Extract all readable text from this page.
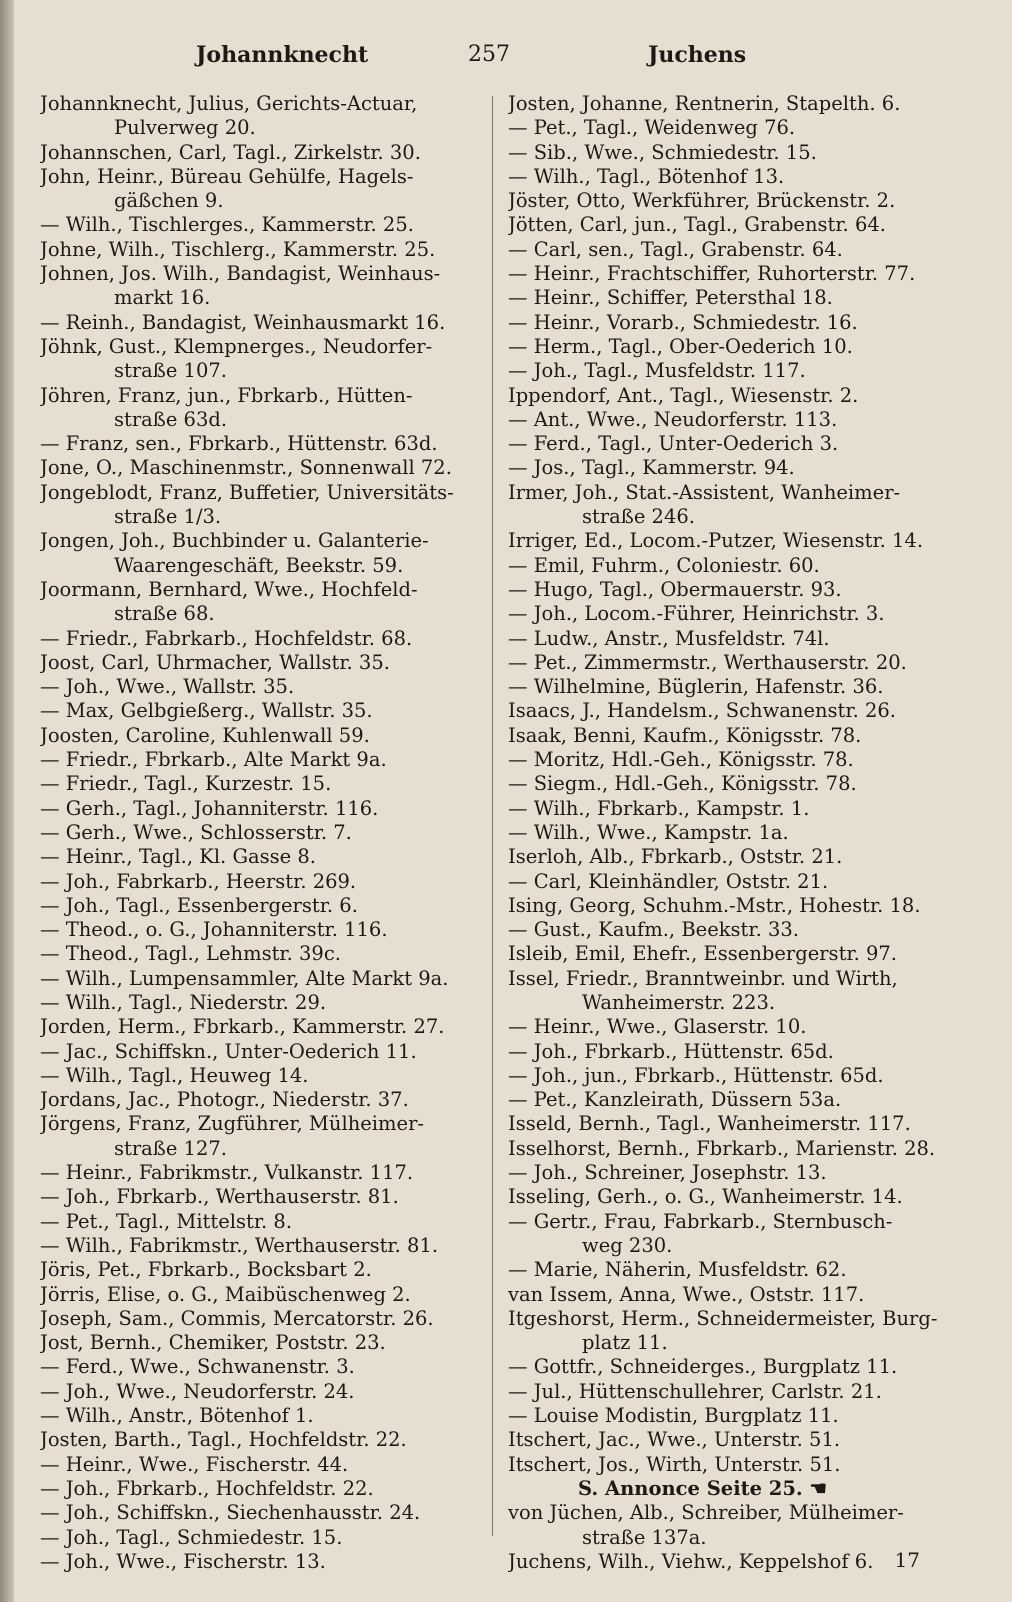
Johannknecht	257	Juchens
Johannknecht, Julius, Gerichts-Actuar,
Pulverweg 20.
Johannschen, Carl, Tagl., Zirkelstr. 30.
John, Heinr., Büreau Gehülfe, Hagels-
gäßchen 9.
— Wilh., Tischlerges., Kammerstr. 25.
Johne, Wilh., Tischlerg., Kammerstr. 25.
Johnen, Jos. Wilh., Bandagist, Weinhaus-
markt 16.
— Reinh., Bandagist, Weinhausmarkt 16.
Jöhnk, Gust., Klempnerges., Neudorfer-
straße 107.
Jöhren, Franz, jun., Fbrkarb., Hütten-
straße 63d.
— Franz, sen., Fbrkarb., Hüttenstr. 63d.
Jone, O., Maschinenmstr., Sonnenwall 72.
Jongeblodt, Franz, Buffetier, Universitäts-
straße 1/3.
Jongen, Joh., Buchbinder u. Galanterie-
Waarengeschäft, Beekstr. 59.
Joormann, Bernhard, Wwe., Hochfeld-
straße 68.
— Friedr., Fabrkarb., Hochfeldstr. 68.
Joost, Carl, Uhrmacher, Wallstr. 35.
— Joh., Wwe., Wallstr. 35.
— Max, Gelbgießerg., Wallstr. 35.
Joosten, Caroline, Kuhlenwall 59.
— Friedr., Fbrkarb., Alte Markt 9a.
— Friedr., Tagl., Kurzestr. 15.
— Gerh., Tagl., Johanniterstr. 116.
— Gerh., Wwe., Schlosserstr. 7.
— Heinr., Tagl., Kl. Gasse 8.
— Joh., Fabrkarb., Heerstr. 269.
— Joh., Tagl., Essenbergerstr. 6.
— Theod., o. G., Johanniterstr. 116.
— Theod., Tagl., Lehmstr. 39c.
— Wilh., Lumpensammler, Alte Markt 9a.
— Wilh., Tagl., Niederstr. 29.
Jorden, Herm., Fbrkarb., Kammerstr. 27.
— Jac., Schiffskn., Unter-Oederich 11.
— Wilh., Tagl., Heuweg 14.
Jordans, Jac., Photogr., Niederstr. 37.
Jörgens, Franz, Zugführer, Mülheimer-
straße 127.
— Heinr., Fabrikmstr., Vulkanstr. 117.
— Joh., Fbrkarb., Werthauserstr. 81.
— Pet., Tagl., Mittelstr. 8.
— Wilh., Fabrikmstr., Werthauserstr. 81.
Jöris, Pet., Fbrkarb., Bocksbart 2.
Jörris, Elise, o. G., Maibüschenweg 2.
Joseph, Sam., Commis, Mercatorstr. 26.
Jost, Bernh., Chemiker, Poststr. 23.
— Ferd., Wwe., Schwanenstr. 3.
— Joh., Wwe., Neudorferstr. 24.
— Wilh., Anstr., Bötenhof 1.
Josten, Barth., Tagl., Hochfeldstr. 22.
— Heinr., Wwe., Fischerstr. 44.
— Joh., Fbrkarb., Hochfeldstr. 22.
— Joh., Schiffskn., Siechenhausstr. 24.
— Joh., Tagl., Schmiedestr. 15.
— Joh., Wwe., Fischerstr. 13.
Josten, Johanne, Rentnerin, Stapelth. 6.
— Pet., Tagl., Weidenweg 76.
— Sib., Wwe., Schmiedestr. 15.
— Wilh., Tagl., Bötenhof 13.
Jöster, Otto, Werkführer, Brückenstr. 2.
Jötten, Carl, jun., Tagl., Grabenstr. 64.
— Carl, sen., Tagl., Grabenstr. 64.
— Heinr., Frachtschiffer, Ruhorterstr. 77.
— Heinr., Schiffer, Petersthal 18.
— Heinr., Vorarb., Schmiedestr. 16.
— Herm., Tagl., Ober-Oederich 10.
— Joh., Tagl., Musfeldstr. 117.
Ippendorf, Ant., Tagl., Wiesenstr. 2.
— Ant., Wwe., Neudorferstr. 113.
— Ferd., Tagl., Unter-Oederich 3.
— Jos., Tagl., Kammerstr. 94.
Irmer, Joh., Stat.-Assistent, Wanheimer-
straße 246.
Irriger, Ed., Locom.-Putzer, Wiesenstr. 14.
— Emil, Fuhrm., Coloniestr. 60.
— Hugo, Tagl., Obermauerstr. 93.
— Joh., Locom.-Führer, Heinrichstr. 3.
— Ludw., Anstr., Musfeldstr. 74l.
— Pet., Zimmermstr., Werthauserstr. 20.
— Wilhelmine, Büglerin, Hafenstr. 36.
Isaacs, J., Handelsm., Schwanenstr. 26.
Isaak, Benni, Kaufm., Königsstr. 78.
— Moritz, Hdl.-Geh., Königsstr. 78.
— Siegm., Hdl.-Geh., Königsstr. 78.
— Wilh., Fbrkarb., Kampstr. 1.
— Wilh., Wwe., Kampstr. 1a.
Iserloh, Alb., Fbrkarb., Oststr. 21.
— Carl, Kleinhändler, Oststr. 21.
Ising, Georg, Schuhm.-Mstr., Hohestr. 18.
— Gust., Kaufm., Beekstr. 33.
Isleib, Emil, Ehefr., Essenbergerstr. 97.
Issel, Friedr., Branntweinbr. und Wirth,
Wanheimerstr. 223.
— Heinr., Wwe., Glaserstr. 10.
— Joh., Fbrkarb., Hüttenstr. 65d.
— Joh., jun., Fbrkarb., Hüttenstr. 65d.
— Pet., Kanzleirath, Düssern 53a.
Isseld, Bernh., Tagl., Wanheimerstr. 117.
Isselhorst, Bernh., Fbrkarb., Marienstr. 28.
— Joh., Schreiner, Josephstr. 13.
Isseling, Gerh., o. G., Wanheimerstr. 14.
— Gertr., Frau, Fabrkarb., Sternbusch-
weg 230.
— Marie, Näherin, Musfeldstr. 62.
van Issem, Anna, Wwe., Oststr. 117.
Itgeshorst, Herm., Schneidermeister, Burg-
platz 11.
— Gottfr., Schneiderges., Burgplatz 11.
— Jul., Hüttenschullehrer, Carlstr. 21.
— Louise Modistin, Burgplatz 11.
Itschert, Jac., Wwe., Unterstr. 51.
Itschert, Jos., Wirth, Unterstr. 51.
S. Annonce Seite 25. ☚
von Jüchen, Alb., Schreiber, Mülheimer-
straße 137a.
Juchens, Wilh., Viehw., Keppelshof 6.	17
